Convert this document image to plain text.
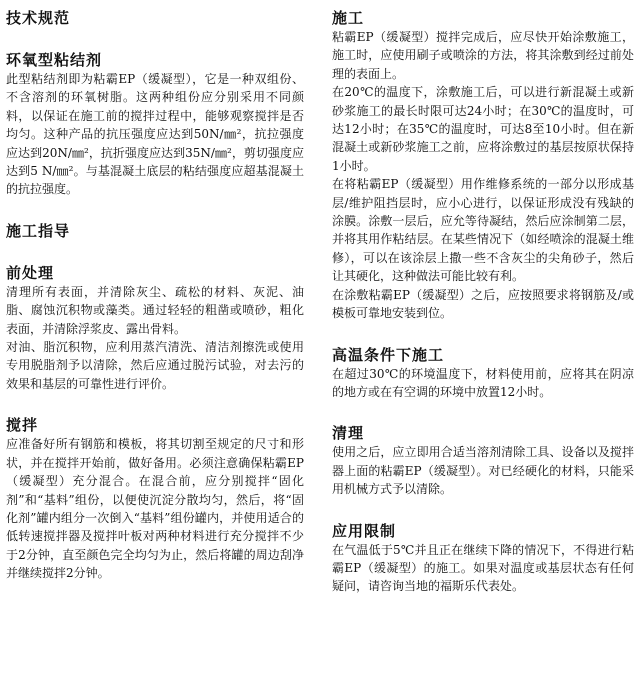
技术规范
环氧型粘结剂

此型粘结剂即为粘霸EP（缓凝型），它是一种双组份、不含溶剂的环氧树脂。这两种组份应分别采用不同颜料，以保证在施工前的搅拌过程中，能够观察搅拌是否均匀。这种产品的抗压强度应达到50N/㎜²，抗拉强度应达到20N/㎜²，抗折强度应达到35N/㎜²，剪切强度应达到5 N/㎜²。与基混凝土底层的粘结强度应超基混凝土的抗拉强度。

施工指导
前处理

清理所有表面，并清除灰尘、疏松的材料、灰泥、油脂、腐蚀沉积物或藻类。通过轻轻的粗凿或喷砂，粗化表面，并清除浮浆皮、露出骨料。

对油、脂沉积物，应利用蒸汽清洗、清洁剂擦洗或使用专用脱脂剂予以清除，然后应通过脱污试验，对去污的效果和基层的可靠性进行评价。

搅拌

应准备好所有钢筋和模板，将其切割至规定的尺寸和形状，并在搅拌开始前，做好备用。必须注意确保粘霸EP（缓凝型）充分混合。在混合前，应分别搅拌“固化剂”和“基料”组份，以便使沉淀分散均匀，然后，将“固化剂”罐内组分一次倒入“基料”组份罐内，并使用适合的低转速搅拌器及搅拌叶板对两种材料进行充分搅拌不少于2分钟，直至颜色完全均匀为止，然后将罐的周边刮净并继续搅拌2分钟。

施工

粘霸EP（缓凝型）搅拌完成后，应尽快开始涂敷施工，施工时，应使用刷子或喷涂的方法，将其涂敷到经过前处理的表面上。

在20℃的温度下，涂敷施工后，可以进行新混凝土或新砂浆施工的最长时限可达24小时；在30℃的温度时，可达12小时；在35℃的温度时，可达8至10小时。但在新混凝土或新砂浆施工之前，应将涂敷过的基层按原状保持1小时。

在将粘霸EP（缓凝型）用作维修系统的一部分以形成基层/维护阻挡层时，应小心进行，以保证形成没有残缺的涂膜。涂敷一层后，应允等待凝结，然后应涂制第二层，并将其用作粘结层。在某些情况下（如经喷涂的混凝土维修），可以在该涂层上撒一些不含灰尘的尖角砂子，然后让其硬化，这种做法可能比较有利。

在涂敷粘霸EP（缓凝型）之后，应按照要求将钢筋及/或模板可靠地安装到位。

高温条件下施工

在超过30℃的环境温度下，材料使用前，应将其在阴凉的地方或在有空调的环境中放置12小时。

清理

使用之后，应立即用合适当溶剂清除工具、设备以及搅拌器上面的粘霸EP（缓凝型）。对已经硬化的材料，只能采用机械方式予以清除。

应用限制

在气温低于5℃并且正在继续下降的情况下，不得进行粘霸EP（缓凝型）的施工。如果对温度或基层状态有任何疑问，请咨询当地的福斯乐代表处。
